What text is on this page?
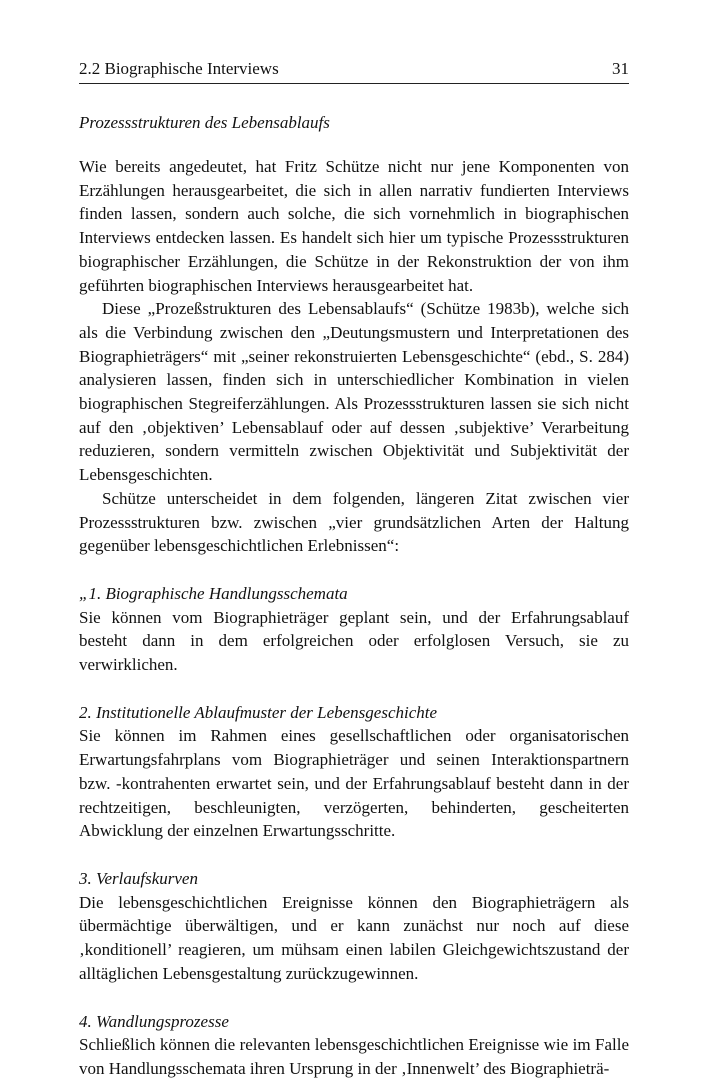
2.2 Biographische Interviews	31
Prozessstrukturen des Lebensablaufs

Wie bereits angedeutet, hat Fritz Schütze nicht nur jene Komponenten von Erzählungen herausgearbeitet, die sich in allen narrativ fundierten Interviews finden lassen, sondern auch solche, die sich vornehmlich in biographischen Interviews entdecken lassen. Es handelt sich hier um typische Prozessstrukturen biographischer Erzählungen, die Schütze in der Rekonstruktion der von ihm geführten biographischen Interviews herausgearbeitet hat.

Diese „Prozeßstrukturen des Lebensablaufs“ (Schütze 1983b), welche sich als die Verbindung zwischen den „Deutungsmustern und Interpretationen des Biographieträgers“ mit „seiner rekonstruierten Lebensgeschichte“ (ebd., S. 284) analysieren lassen, finden sich in unterschiedlicher Kombination in vielen biographischen Stegreiferzählungen. Als Prozessstrukturen lassen sie sich nicht auf den ‚objektiven’ Lebensablauf oder auf dessen ‚subjektive’ Verarbeitung reduzieren, sondern vermitteln zwischen Objektivität und Subjektivität der Lebensgeschichten.

Schütze unterscheidet in dem folgenden, längeren Zitat zwischen vier Prozessstrukturen bzw. zwischen „vier grundsätzlichen Arten der Haltung gegenüber lebensgeschichtlichen Erlebnissen“:

„1. Biographische Handlungsschemata
Sie können vom Biographieträger geplant sein, und der Erfahrungsablauf besteht dann in dem erfolgreichen oder erfolglosen Versuch, sie zu verwirklichen.
2. Institutionelle Ablaufmuster der Lebensgeschichte
Sie können im Rahmen eines gesellschaftlichen oder organisatorischen Erwartungsfahrplans vom Biographieträger und seinen Interaktionspartnern bzw. -kontrahenten erwartet sein, und der Erfahrungsablauf besteht dann in der rechtzeitigen, beschleunigten, verzögerten, behinderten, gescheiterten Abwicklung der einzelnen Erwartungsschritte.
3. Verlaufskurven
Die lebensgeschichtlichen Ereignisse können den Biographieträgern als übermächtige überwältigen, und er kann zunächst nur noch auf diese ‚konditionell’ reagieren, um mühsam einen labilen Gleichgewichtszustand der alltäglichen Lebensgestaltung zurückzugewinnen.
4. Wandlungsprozesse
Schließlich können die relevanten lebensgeschichtlichen Ereignisse wie im Falle von Handlungsschemata ihren Ursprung in der ‚Innenwelt’ des Biographieträ-
